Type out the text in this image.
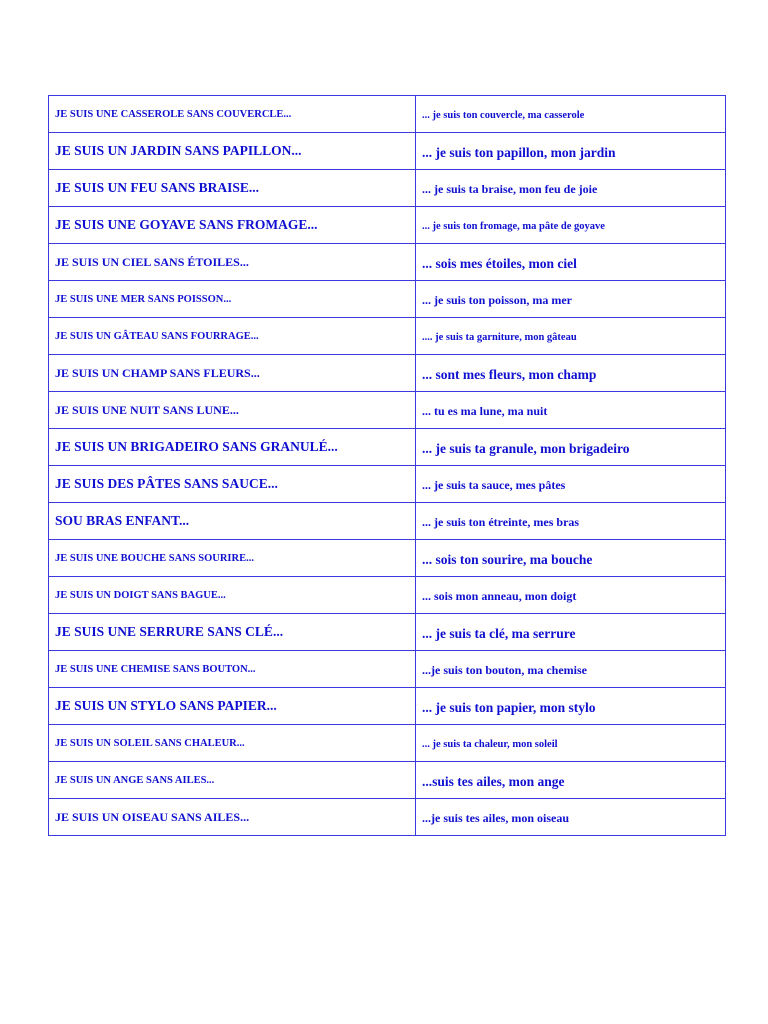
JE SUIS UNE CASSEROLE SANS COUVERCLE...	... je suis ton couvercle, ma casserole
JE SUIS UN JARDIN SANS PAPILLON...	... je suis ton papillon, mon jardin
JE SUIS UN FEU SANS BRAISE...	... je suis ta braise, mon feu de joie
JE SUIS UNE GOYAVE SANS FROMAGE...	... je suis ton fromage, ma pâte de goyave
JE SUIS UN CIEL SANS ÉTOILES...	... sois mes étoiles, mon ciel
JE SUIS UNE MER SANS POISSON...	... je suis ton poisson, ma mer
JE SUIS UN GÂTEAU SANS FOURRAGE...	.... je suis ta garniture, mon gâteau
JE SUIS UN CHAMP SANS FLEURS...	... sont mes fleurs, mon champ
JE SUIS UNE NUIT SANS LUNE...	... tu es ma lune, ma nuit
JE SUIS UN BRIGADEIRO SANS GRANULÉ...	... je suis ta granule, mon brigadeiro
JE SUIS DES PÂTES SANS SAUCE...	... je suis ta sauce, mes pâtes
SOU BRAS ENFANT...	... je suis ton étreinte, mes bras
JE SUIS UNE BOUCHE SANS SOURIRE...	... sois ton sourire, ma bouche
JE SUIS UN DOIGT SANS BAGUE...	... sois mon anneau, mon doigt
JE SUIS UNE SERRURE SANS CLÉ...	... je suis ta clé, ma serrure
JE SUIS UNE CHEMISE SANS BOUTON...	...je suis ton bouton, ma chemise
JE SUIS UN STYLO SANS PAPIER...	... je suis ton papier, mon stylo
JE SUIS UN SOLEIL SANS CHALEUR...	... je suis ta chaleur, mon soleil
JE SUIS UN ANGE SANS AILES...	...suis tes ailes, mon ange
JE SUIS UN OISEAU SANS AILES...	...je suis tes ailes, mon oiseau
